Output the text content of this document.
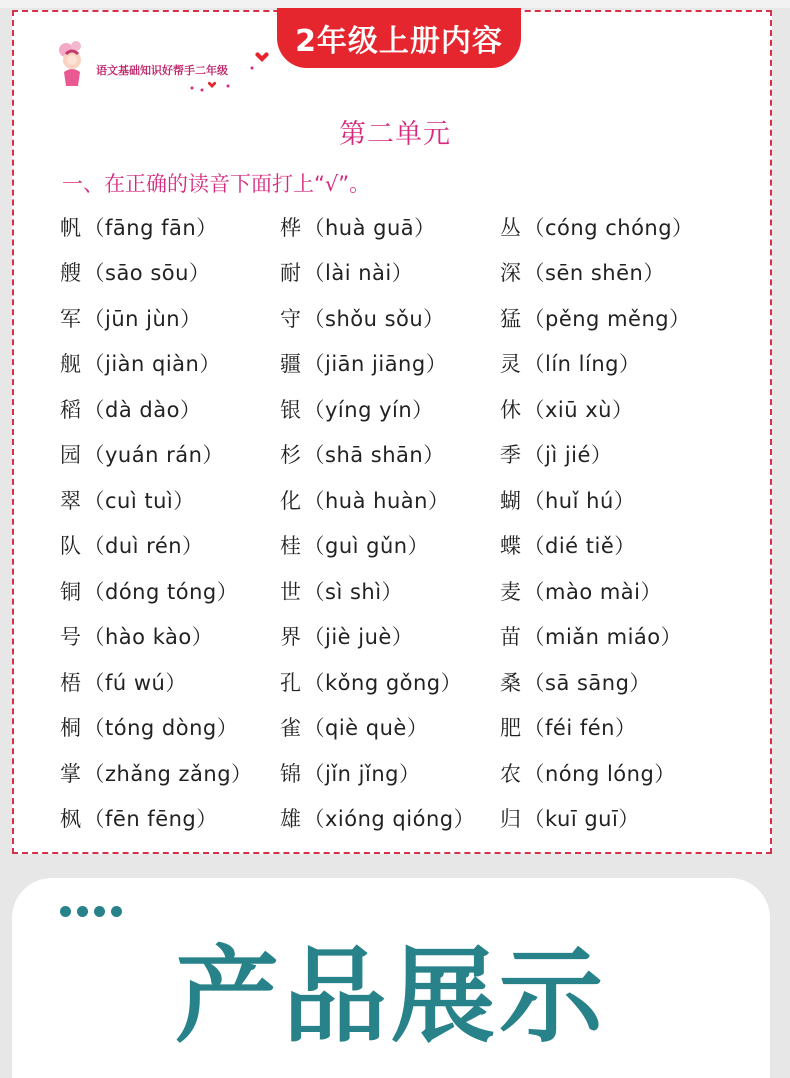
2年级上册内容
语文基础知识好帮手二年级
第二单元
一、在正确的读音下面打上“√”。
帆 （fāng fān）	桦 （huà guā）	丛 （cóng chóng）
艘 （sāo sōu）	耐 （lài nài）	深 （sēn shēn）
军 （jūn jùn）	守 （shǒu sǒu）	猛 （pěng měng）
舰 （jiàn qiàn）	疆 （jiān jiāng）	灵 （lín líng）
稻 （dà dào）	银 （yíng yín）	休 （xiū xù）
园 （yuán rán）	杉 （shā shān）	季 （jì jié）
翠 （cuì tuì）	化 （huà huàn） 蝴 （huǐ hú）
队 （duì rén）	桂 （guì gǔn）	蝶 （dié tiě）
铜 （dóng tóng） 世 （sì shì）	麦 （mào mài）
号 （hào kào）	界 （jiè juè）	苗 （miǎn miáo）
梧 （fú wú）	孔 （kǒng gǒng） 桑 （sā sāng）
桐 （tóng dòng） 雀 （qiè què）	肥 （féi fén）
掌 （zhǎng zǎng） 锦 （jǐn jǐng）	农 （nóng lóng）
枫 （fēn fēng）	雄 （xióng qióng） 归 （kuī guī）
产品展示
